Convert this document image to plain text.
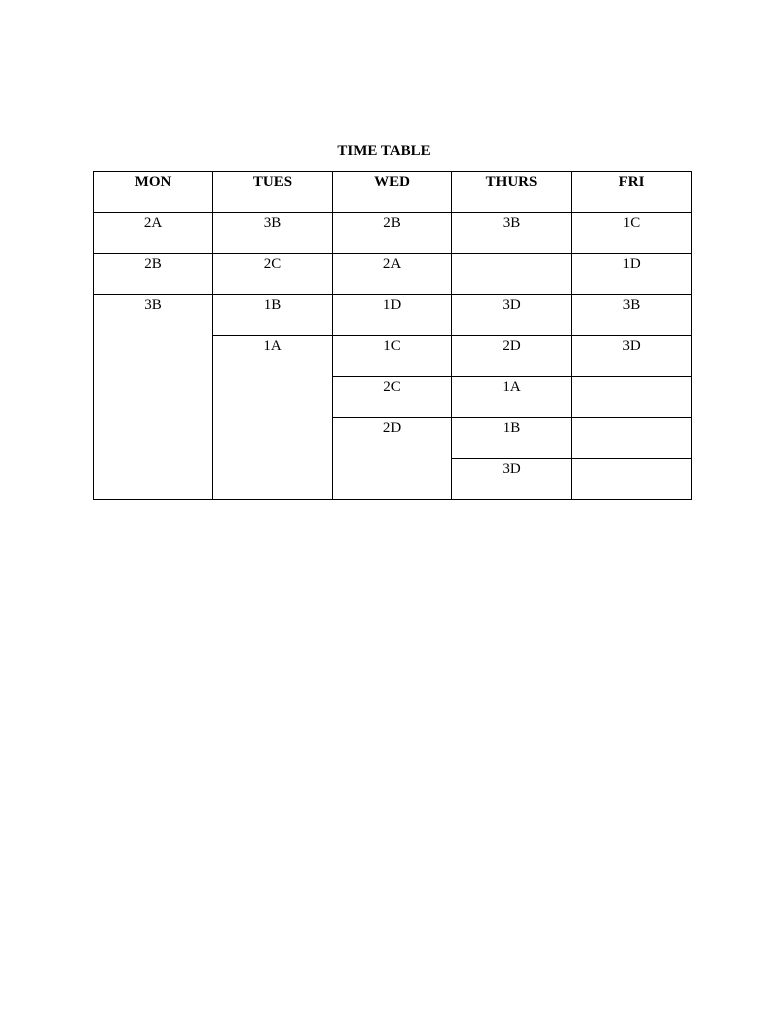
TIME TABLE
MON	TUES	WED	THURS	FRI

2A	3B	2B	3B	1C

2B	2C	2A		1D

3B	1B	1D	3D	3B

	1A	1C	2D	3D

		2C	1A	

		2D	1B	

			3D	
